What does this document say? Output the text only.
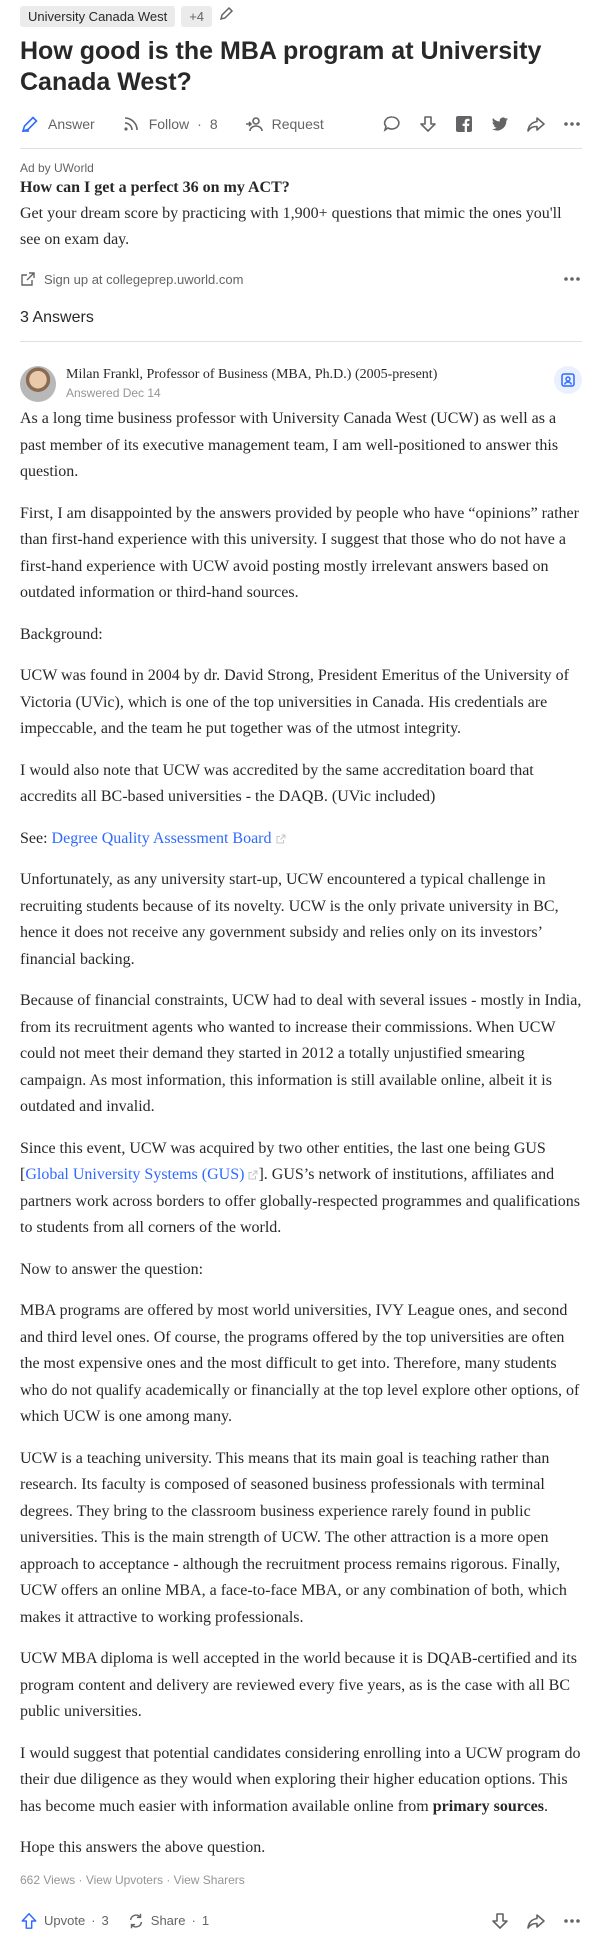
University Canada West	+4
How good is the MBA program at University Canada West?
Answer	Follow · 8	Request
Ad by UWorld
How can I get a perfect 36 on my ACT?
Get your dream score by practicing with 1,900+ questions that mimic the ones you'll see on exam day.
Sign up at collegeprep.uworld.com
3 Answers
Milan Frankl, Professor of Business (MBA, Ph.D.) (2005-present)
Answered Dec 14

As a long time business professor with University Canada West (UCW) as well as a past member of its executive management team, I am well-positioned to answer this question.

First, I am disappointed by the answers provided by people who have “opinions” rather than first-hand experience with this university. I suggest that those who do not have a first-hand experience with UCW avoid posting mostly irrelevant answers based on outdated information or third-hand sources.

Background:

UCW was found in 2004 by dr. David Strong, President Emeritus of the University of Victoria (UVic), which is one of the top universities in Canada. His credentials are impeccable, and the team he put together was of the utmost integrity.

I would also note that UCW was accredited by the same accreditation board that accredits all BC-based universities - the DAQB. (UVic included)

See: Degree Quality Assessment Board

Unfortunately, as any university start-up, UCW encountered a typical challenge in recruiting students because of its novelty. UCW is the only private university in BC, hence it does not receive any government subsidy and relies only on its investors’ financial backing.

Because of financial constraints, UCW had to deal with several issues - mostly in India, from its recruitment agents who wanted to increase their commissions. When UCW could not meet their demand they started in 2012 a totally unjustified smearing campaign. As most information, this information is still available online, albeit it is outdated and invalid.

Since this event, UCW was acquired by two other entities, the last one being GUS [Global University Systems (GUS) ]. GUS’s network of institutions, affiliates and partners work across borders to offer globally-respected programmes and qualifications to students from all corners of the world.

Now to answer the question:

MBA programs are offered by most world universities, IVY League ones, and second and third level ones. Of course, the programs offered by the top universities are often the most expensive ones and the most difficult to get into. Therefore, many students who do not qualify academically or financially at the top level explore other options, of which UCW is one among many.

UCW is a teaching university. This means that its main goal is teaching rather than research. Its faculty is composed of seasoned business professionals with terminal degrees. They bring to the classroom business experience rarely found in public universities. This is the main strength of UCW. The other attraction is a more open approach to acceptance - although the recruitment process remains rigorous. Finally, UCW offers an online MBA, a face-to-face MBA, or any combination of both, which makes it attractive to working professionals.

UCW MBA diploma is well accepted in the world because it is DQAB-certified and its program content and delivery are reviewed every five years, as is the case with all BC public universities.

I would suggest that potential candidates considering enrolling into a UCW program do their due diligence as they would when exploring their higher education options. This has become much easier with information available online from primary sources.

Hope this answers the above question.

662 Views · View Upvoters · View Sharers
Upvote · 3	Share · 1
